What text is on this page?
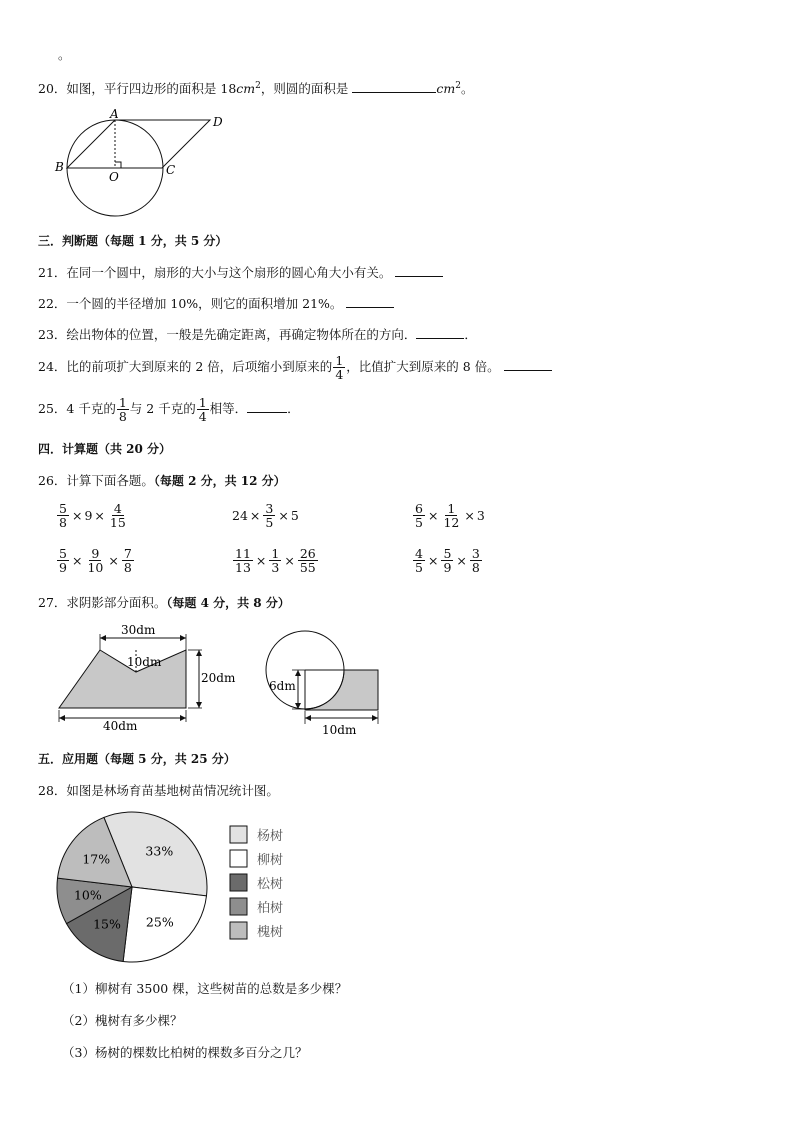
。
20．如图，平行四边形的面积是 $18cm^2$，则圆的面积是	$cm^2$。
A
D
B	C
O
三．判断题（每题 1 分，共 5 分）
21．在同一个圆中，扇形的大小与这个扇形的圆心角大小有关。
22．一个圆的半径增加 10%，则它的面积增加 21%。
23．绘出物体的位置，一般是先确定距离，再确定物体所在的方向．	．
24．比的前项扩大到原来的 2 倍，后项缩小到原来的 $\frac{1}{4}$ ，比值扩大到原来的 8 倍。
25．4 千克的 $\frac{1}{8}$ 与 2 千克的 $\frac{1}{4}$ 相等．	．
四．计算题（共 20 分）
26．计算下面各题。（每题 2 分，共 12 分）
$\frac{5}{8} \times 9 \times \frac{4}{15}$	$24 \times \frac{3}{5} \times 5$	$\frac{6}{5} \times \frac{1}{12} \times 3$
$\frac{5}{9} \times \frac{9}{10} \times \frac{7}{8}$	$\frac{11}{13} \times \frac{1}{3} \times \frac{26}{55}$	$\frac{4}{5} \times \frac{5}{9} \times \frac{3}{8}$
27．求阴影部分面积。（每题 4 分，共 8 分）
30dm
10dm
20dm
40dm
6dm
10dm
五．应用题（每题 5 分，共 25 分）
28．如图是林场育苗基地树苗情况统计图。
33%
25%
15%
10%
17%
杨树
柳树
松树
柏树
槐树
（1）柳树有 3500 棵，这些树苗的总数是多少棵？
（2）槐树有多少棵？
（3）杨树的棵数比柏树的棵数多百分之几？
